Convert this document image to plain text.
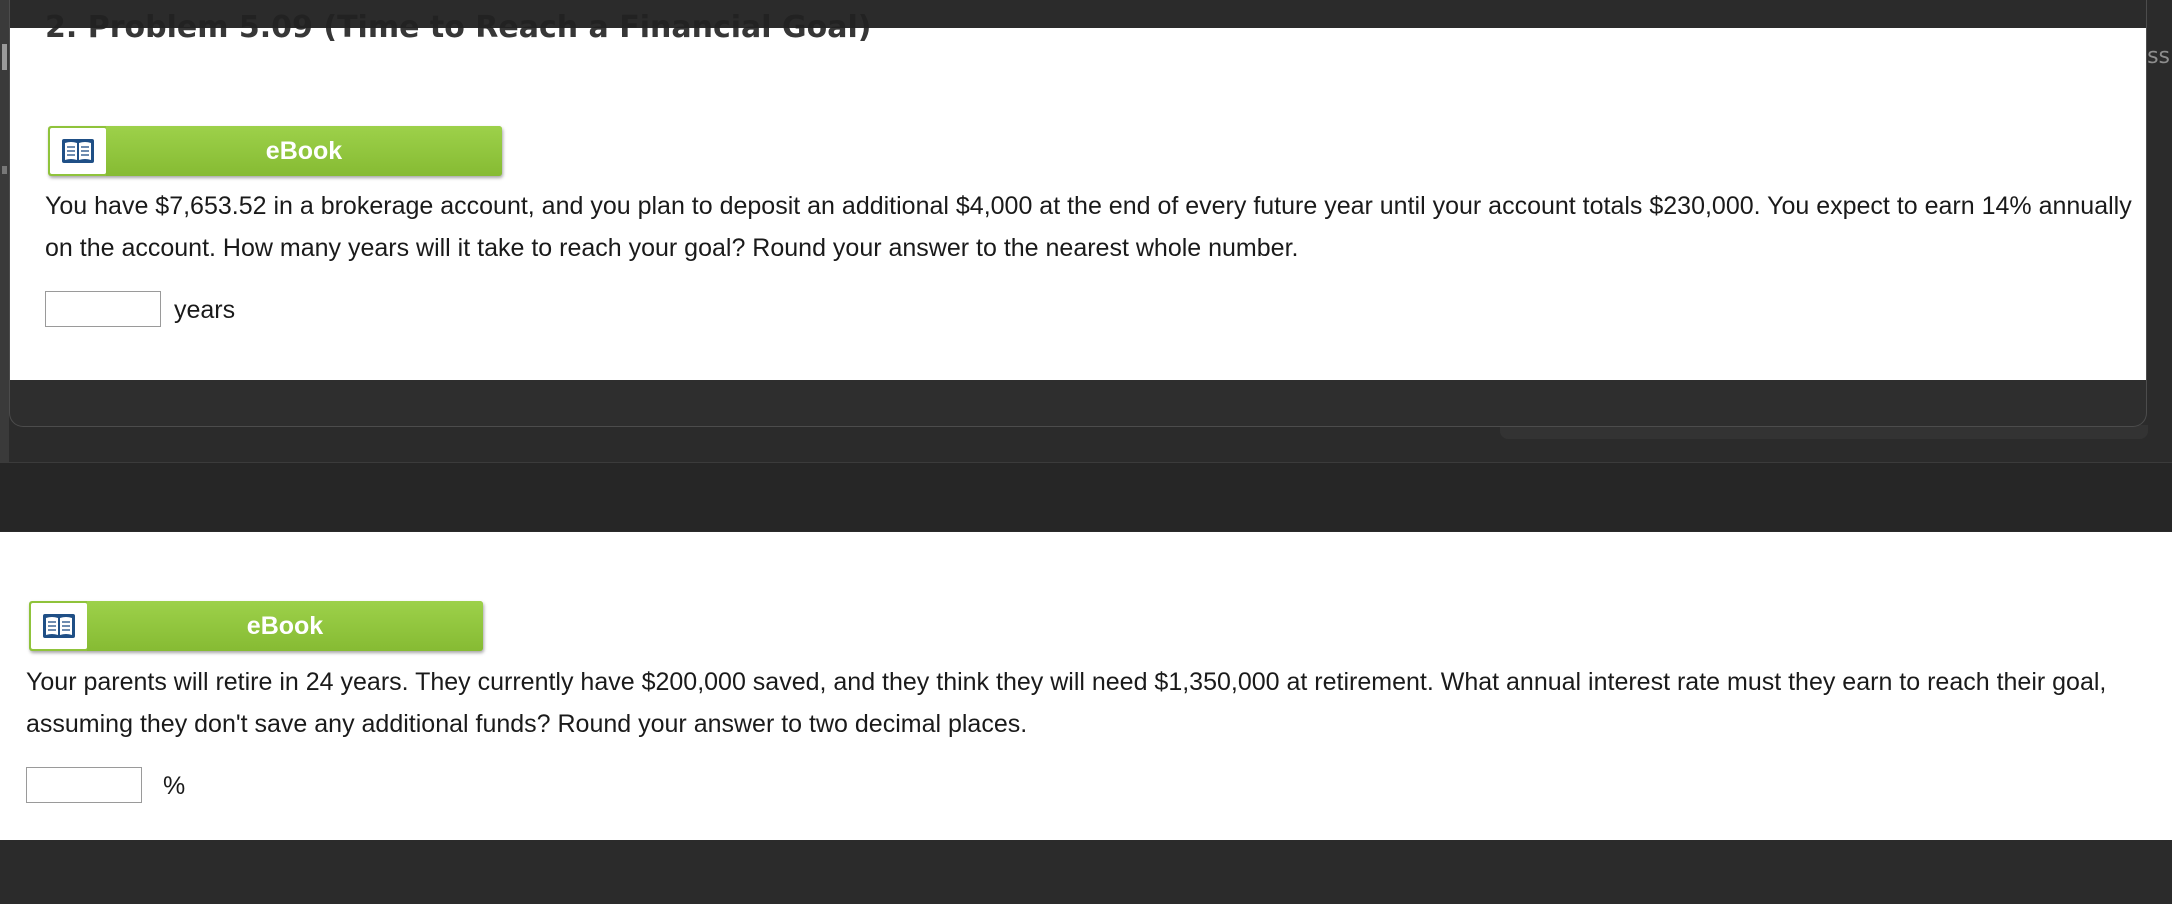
ss
2. Problem 5.09 (Time to Reach a Financial Goal)
eBook
You have $7,653.52 in a brokerage account, and you plan to deposit an additional $4,000 at the end of every future year until your account totals $230,000. You expect to earn 14% annually on the account. How many years will it take to reach your goal? Round your answer to the nearest whole number.
years
eBook
Your parents will retire in 24 years. They currently have $200,000 saved, and they think they will need $1,350,000 at retirement. What annual interest rate must they earn to reach their goal, assuming they don't save any additional funds? Round your answer to two decimal places.
%
